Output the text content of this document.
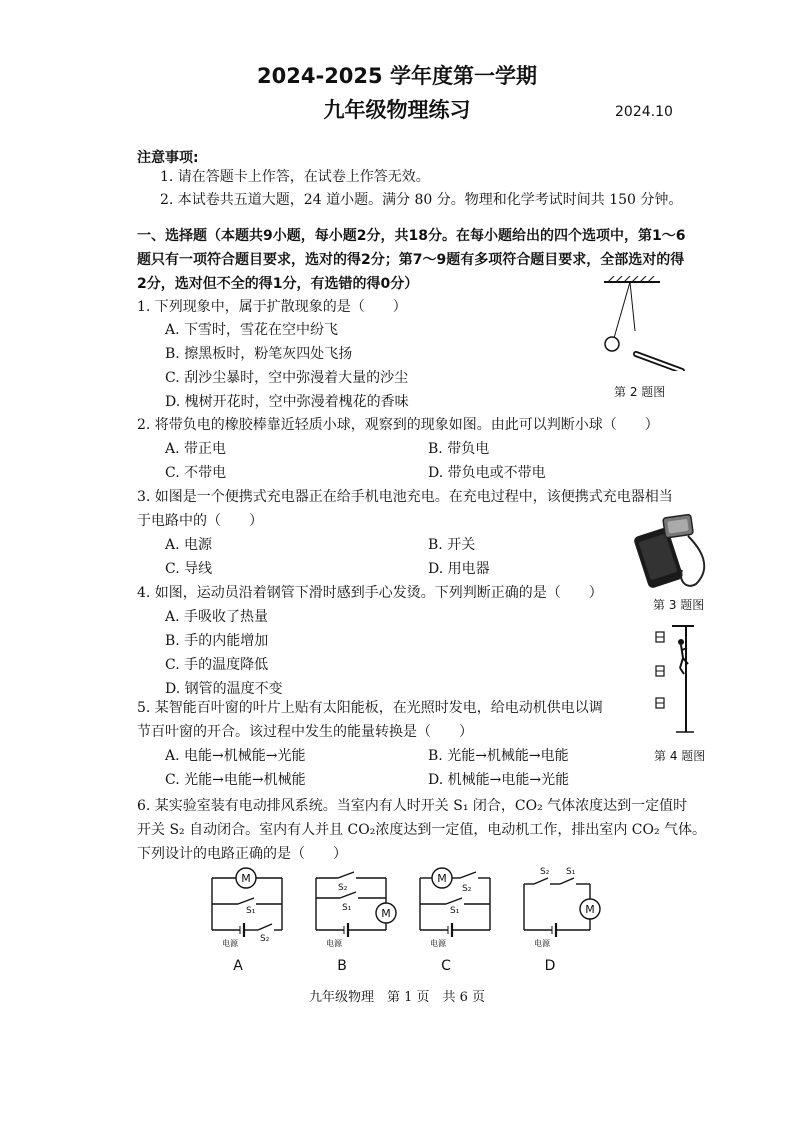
2024-2025 学年度第一学期
九年级物理练习	2024.10
注意事项:
1. 请在答题卡上作答，在试卷上作答无效。
2. 本试卷共五道大题，24 道小题。满分 80 分。物理和化学考试时间共 150 分钟。
一、选择题（本题共9小题，每小题2分，共18分。在每小题给出的四个选项中，第1～6
题只有一项符合题目要求，选对的得2分；第7～9题有多项符合题目要求，全部选对的得
2分，选对但不全的得1分，有选错的得0分）
1. 下列现象中，属于扩散现象的是（　　）
A. 下雪时，雪花在空中纷飞
B. 擦黑板时，粉笔灰四处飞扬
C. 刮沙尘暴时，空中弥漫着大量的沙尘
D. 槐树开花时，空中弥漫着槐花的香味
第 2 题图
2. 将带负电的橡胶棒靠近轻质小球，观察到的现象如图。由此可以判断小球（　　）
A. 带正电	B. 带负电
C. 不带电	D. 带负电或不带电
3. 如图是一个便携式充电器正在给手机电池充电。在充电过程中，该便携式充电器相当
于电路中的（　　）
A. 电源	B. 开关
C. 导线	D. 用电器
第 3 题图
4. 如图，运动员沿着钢管下滑时感到手心发烫。下列判断正确的是（　　）
A. 手吸收了热量
B. 手的内能增加
C. 手的温度降低
D. 钢管的温度不变
第 4 题图
5. 某智能百叶窗的叶片上贴有太阳能板，在光照时发电，给电动机供电以调
节百叶窗的开合。该过程中发生的能量转换是（　　）
A. 电能→机械能→光能	B. 光能→机械能→电能
C. 光能→电能→机械能	D. 机械能→电能→光能
6. 某实验室装有电动排风系统。当室内有人时开关 S₁ 闭合，CO₂ 气体浓度达到一定值时
开关 S₂ 自动闭合。室内有人并且 CO₂浓度达到一定值，电动机工作，排出室内 CO₂ 气体。
下列设计的电路正确的是（　　）
M
M
M
M
S₁
S₂
S₂
S₁
S₂
S₁
S₂ S₁
电源	电源	电源	电源
A	B	C	D
九年级物理　第 1 页　共 6 页
